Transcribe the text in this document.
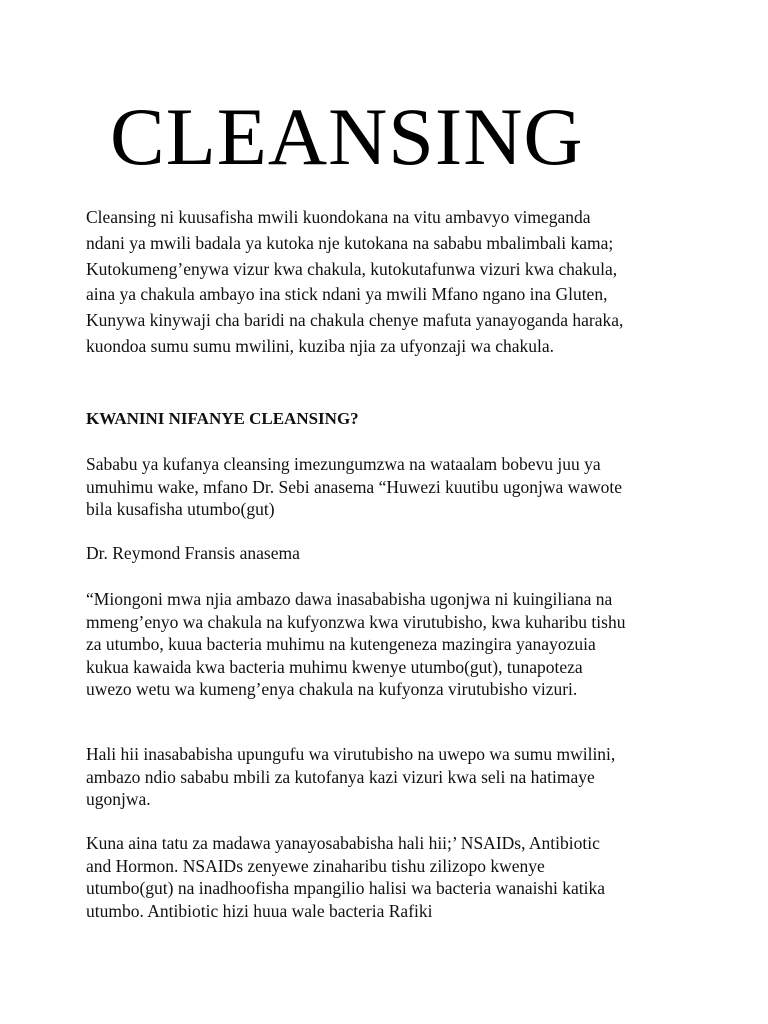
CLEANSING

Cleansing ni kuusafisha mwili kuondokana na vitu ambavyo vimeganda ndani ya mwili badala ya kutoka nje kutokana na sababu mbalimbali kama; Kutokumeng’enywa vizur kwa chakula, kutokutafunwa vizuri kwa chakula, aina ya chakula ambayo ina stick ndani ya mwili Mfano ngano ina Gluten, Kunywa kinywaji cha baridi na chakula chenye mafuta yanayoganda haraka, kuondoa sumu sumu mwilini, kuziba njia za ufyonzaji wa chakula.

KWANINI NIFANYE CLEANSING?

Sababu ya kufanya cleansing imezungumzwa na wataalam bobevu juu ya umuhimu wake, mfano Dr. Sebi anasema “Huwezi kuutibu ugonjwa wawote bila kusafisha utumbo(gut)

Dr. Reymond Fransis anasema

“Miongoni mwa njia ambazo dawa inasababisha ugonjwa ni kuingiliana na mmeng’enyo wa chakula na kufyonzwa kwa virutubisho, kwa kuharibu tishu za utumbo, kuua bacteria muhimu na kutengeneza mazingira yanayozuia kukua kawaida kwa bacteria muhimu kwenye utumbo(gut), tunapoteza uwezo wetu wa kumeng’enya chakula na kufyonza virutubisho vizuri.

Hali hii inasababisha upungufu wa virutubisho na uwepo wa sumu mwilini, ambazo ndio sababu mbili za kutofanya kazi vizuri kwa seli na hatimaye ugonjwa.

Kuna aina tatu za madawa yanayosababisha hali hii;’ NSAIDs, Antibiotic and Hormon. NSAIDs zenyewe zinaharibu tishu zilizopo kwenye utumbo(gut) na inadhoofisha mpangilio halisi wa bacteria wanaishi katika utumbo. Antibiotic hizi huua wale bacteria Rafiki
